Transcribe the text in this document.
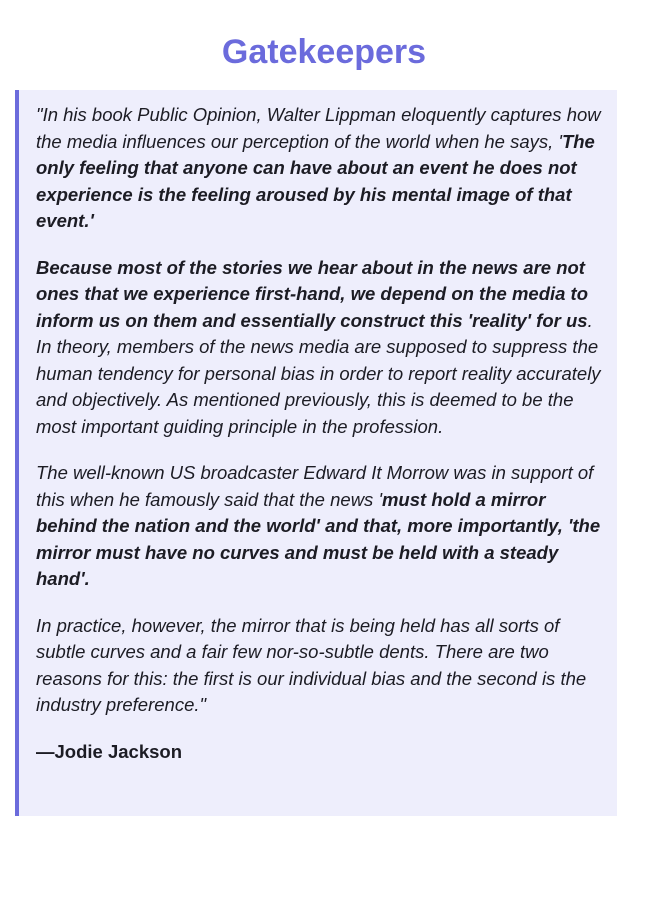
Gatekeepers

"In his book Public Opinion, Walter Lippman eloquently captures how the media influences our perception of the world when he says, 'The only feeling that anyone can have about an event he does not experience is the feeling aroused by his mental image of that event.'

Because most of the stories we hear about in the news are not ones that we experience first-hand, we depend on the media to inform us on them and essentially construct this 'reality' for us. In theory, members of the news media are supposed to suppress the human tendency for personal bias in order to report reality accurately and objectively. As mentioned previously, this is deemed to be the most important guiding principle in the profession.

The well-known US broadcaster Edward It Morrow was in support of this when he famously said that the news 'must hold a mirror behind the nation and the world' and that, more importantly, 'the mirror must have no curves and must be held with a steady hand'.

In practice, however, the mirror that is being held has all sorts of subtle curves and a fair few nor-so-subtle dents. There are two reasons for this: the first is our individual bias and the second is the industry preference."

—Jodie Jackson
